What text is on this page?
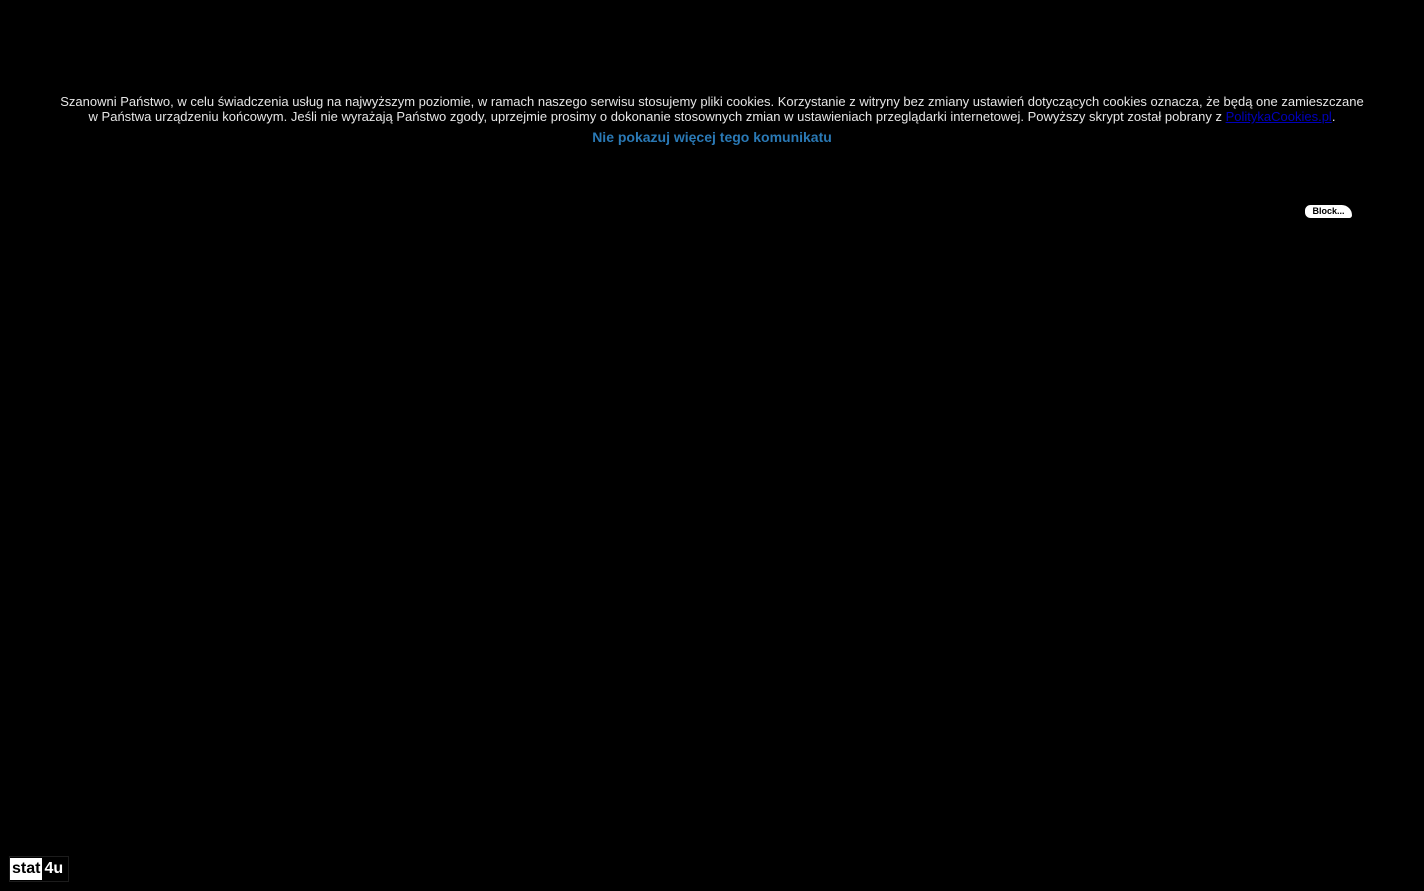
Szanowni Państwo, w celu świadczenia usług na najwyższym poziomie, w ramach naszego serwisu stosujemy pliki cookies. Korzystanie z witryny bez zmiany ustawień dotyczących cookies oznacza, że będą one zamieszczane
w Państwa urządzeniu końcowym. Jeśli nie wyrażają Państwo zgody, uprzejmie prosimy o dokonanie stosownych zmian w ustawieniach przeglądarki internetowej. Powyższy skrypt został pobrany z PolitykaCookies.pl.
Nie pokazuj więcej tego komunikatu
Block...
stat 4u
